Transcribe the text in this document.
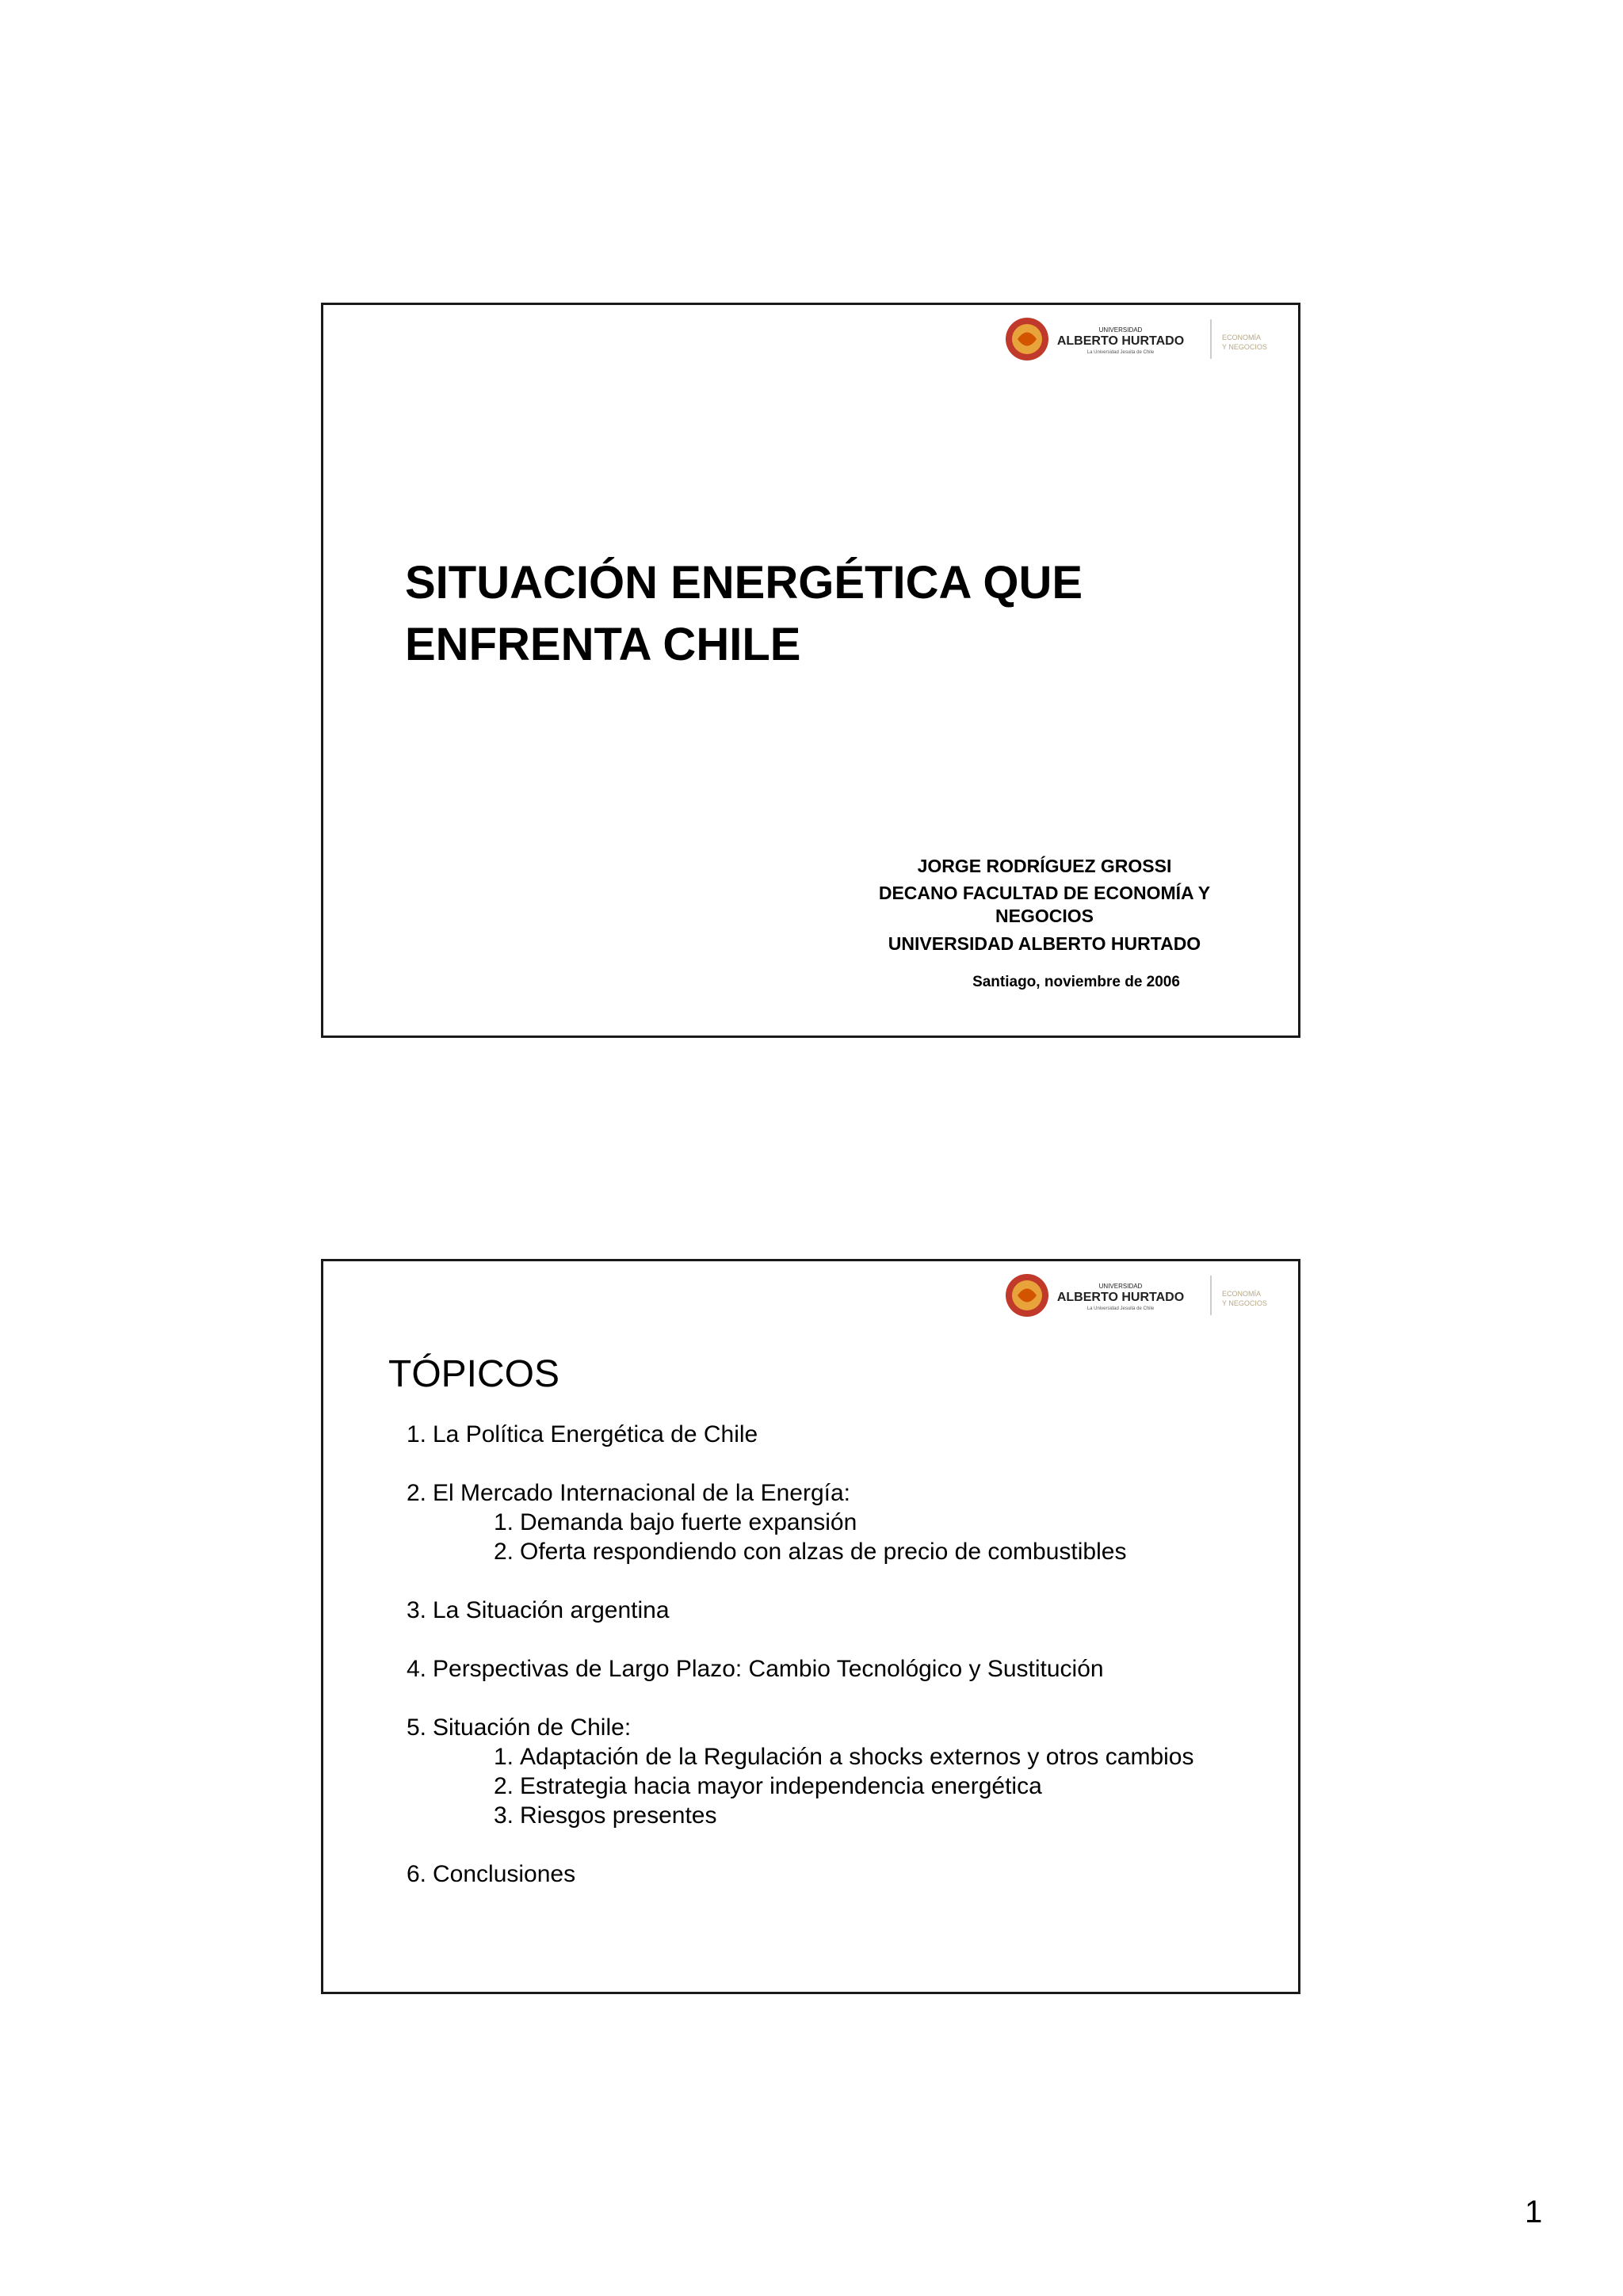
UNIVERSIDAD
ALBERTO HURTADO
La Universidad Jesuita de Chile
ECONOMÍA
Y NEGOCIOS
SITUACIÓN ENERGÉTICA QUE ENFRENTA CHILE
JORGE RODRÍGUEZ GROSSI
DECANO FACULTAD DE ECONOMÍA Y NEGOCIOS
UNIVERSIDAD ALBERTO HURTADO
Santiago, noviembre de 2006
UNIVERSIDAD
ALBERTO HURTADO
La Universidad Jesuita de Chile
ECONOMÍA
Y NEGOCIOS
TÓPICOS
1. La Política Energética de Chile
2. El Mercado Internacional de la Energía:
1. Demanda bajo fuerte expansión
2. Oferta respondiendo con alzas de precio de combustibles
3. La Situación argentina
4. Perspectivas de Largo Plazo: Cambio Tecnológico y Sustitución
5. Situación de Chile:
1. Adaptación de la Regulación a shocks externos y otros cambios
2. Estrategia hacia mayor independencia energética
3. Riesgos presentes
6. Conclusiones
1
